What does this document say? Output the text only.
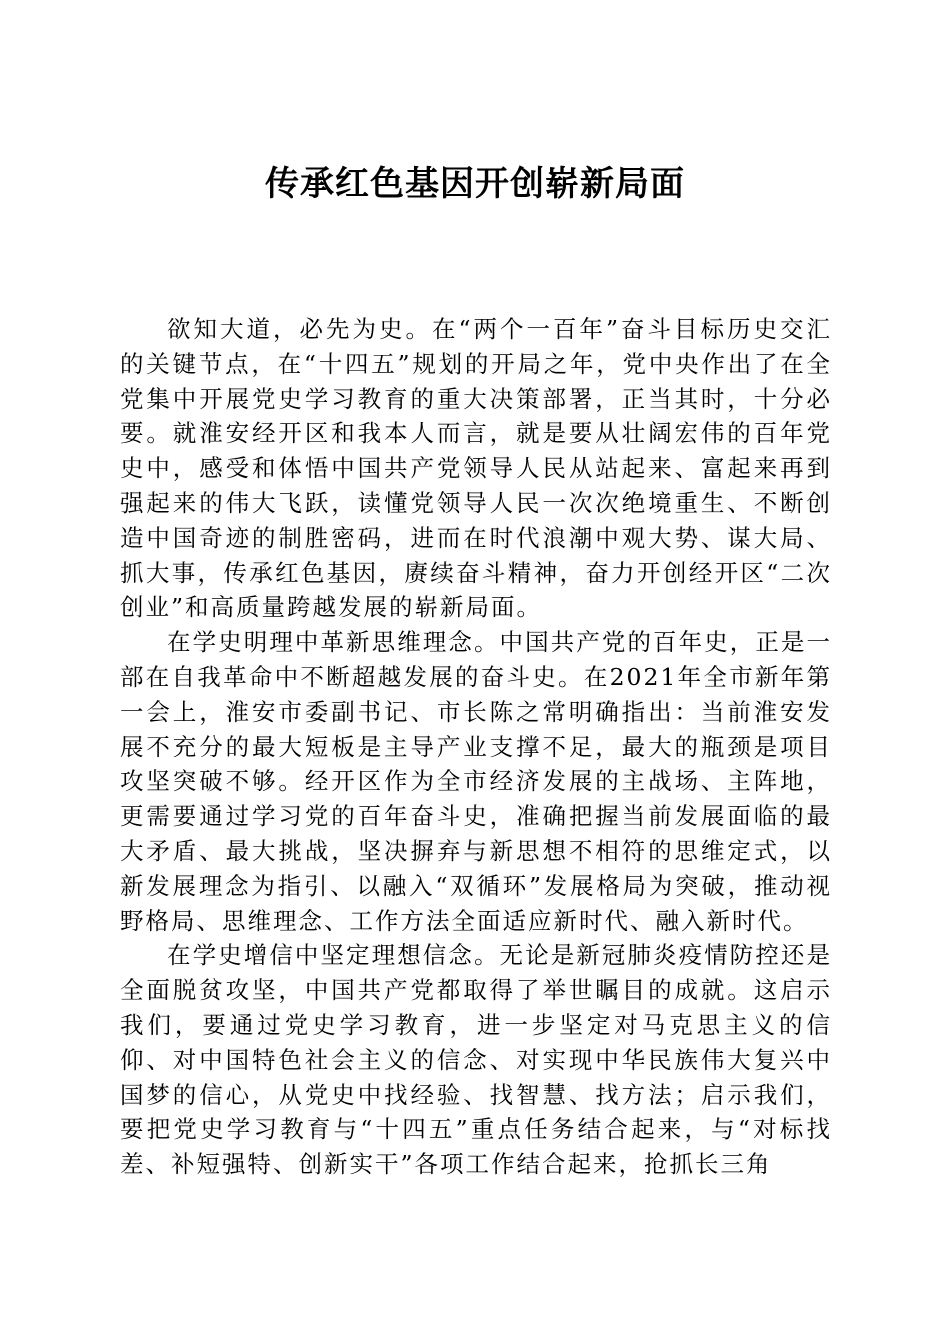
传承红色基因开创崭新局面

欲知大道，必先为史。在“两个一百年”奋斗目标历史交汇的关键节点，在“十四五”规划的开局之年，党中央作出了在全党集中开展党史学习教育的重大决策部署，正当其时，十分必要。就淮安经开区和我本人而言，就是要从壮阔宏伟的百年党史中，感受和体悟中国共产党领导人民从站起来、富起来再到强起来的伟大飞跃，读懂党领导人民一次次绝境重生、不断创造中国奇迹的制胜密码，进而在时代浪潮中观大势、谋大局、抓大事，传承红色基因，赓续奋斗精神，奋力开创经开区“二次创业”和高质量跨越发展的崭新局面。

在学史明理中革新思维理念。中国共产党的百年史，正是一部在自我革命中不断超越发展的奋斗史。在2021年全市新年第一会上，淮安市委副书记、市长陈之常明确指出：当前淮安发展不充分的最大短板是主导产业支撑不足，最大的瓶颈是项目攻坚突破不够。经开区作为全市经济发展的主战场、主阵地，更需要通过学习党的百年奋斗史，准确把握当前发展面临的最大矛盾、最大挑战，坚决摒弃与新思想不相符的思维定式，以新发展理念为指引、以融入“双循环”发展格局为突破，推动视野格局、思维理念、工作方法全面适应新时代、融入新时代。

在学史增信中坚定理想信念。无论是新冠肺炎疫情防控还是全面脱贫攻坚，中国共产党都取得了举世瞩目的成就。这启示我们，要通过党史学习教育，进一步坚定对马克思主义的信仰、对中国特色社会主义的信念、对实现中华民族伟大复兴中国梦的信心，从党史中找经验、找智慧、找方法；启示我们，要把党史学习教育与“十四五”重点任务结合起来，与“对标找差、补短强特、创新实干”各项工作结合起来，抢抓长三角
